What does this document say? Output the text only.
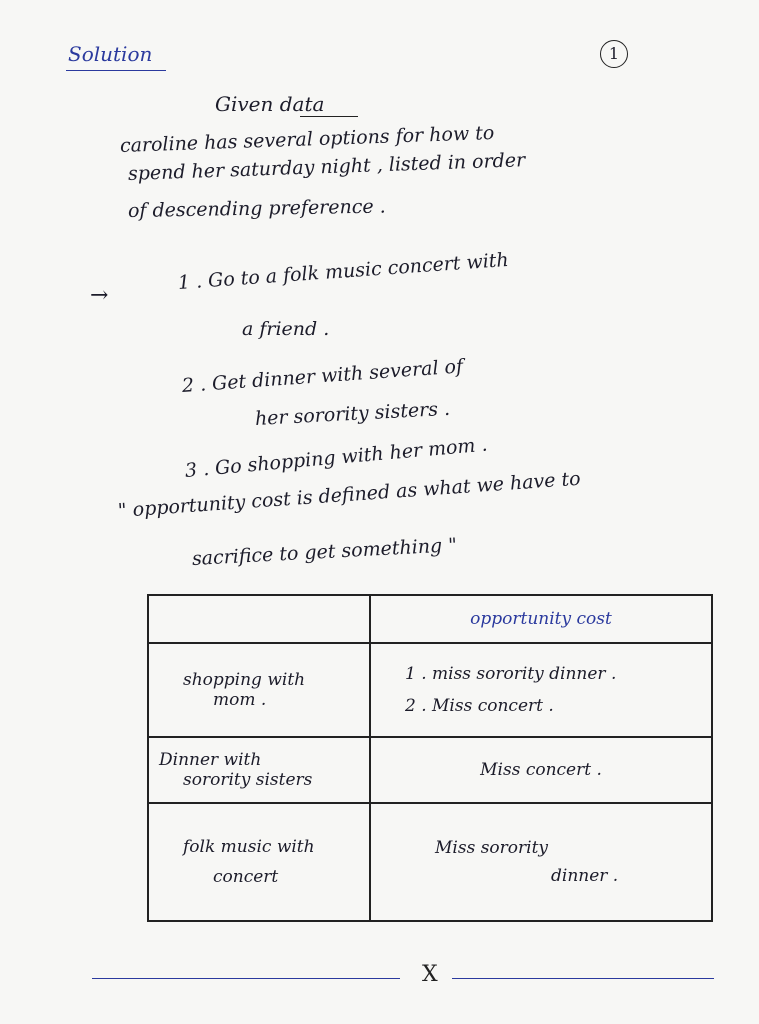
Solution	1
Given data
caroline has several options for how to
spend her saturday night , listed in order
of descending preference .
→
1 . Go to a folk music concert with
a friend .
2 . Get dinner with several of
her sorority sisters .
3 . Go shopping with her mom .
" opportunity cost is defined as what we have to
sacrifice to get something "
	opportunity cost

shopping with
mom .	1 . miss sorority dinner .
2 . Miss concert .

Dinner with
sorority sisters	Miss concert .

folk music with
concert	Miss sorority
dinner .
X
